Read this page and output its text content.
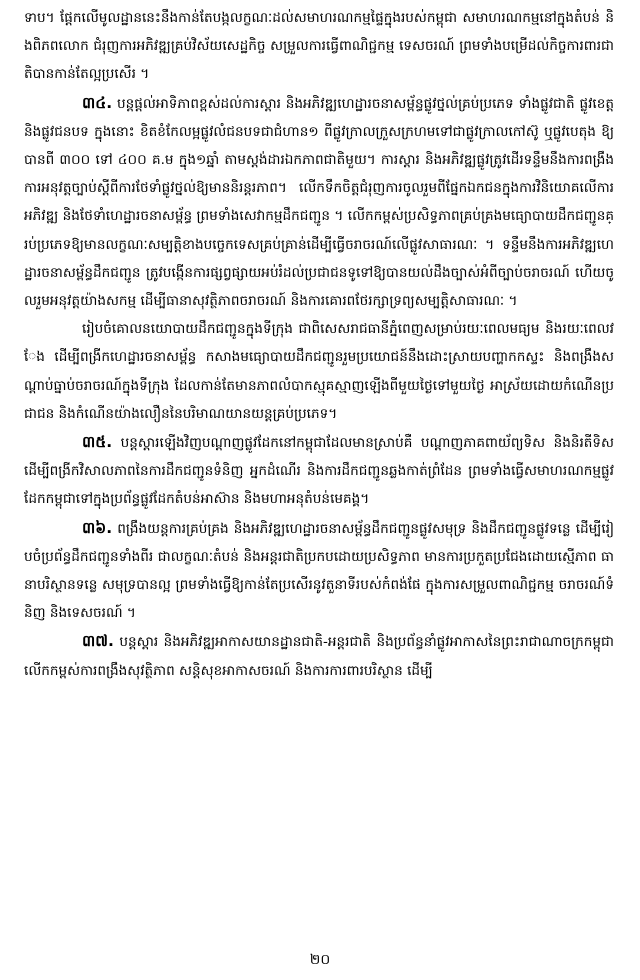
ទាប។ ផ្តែកលើមូលដ្ឋាននេះនឹងកាន់តែបង្កលក្ខណៈដល់សមាហរណកម្មផ្ទៃក្នុងរបស់កម្ពុជា សមាហរណកម្មនៅក្នុងតំបន់ និងពិភពលោក ជំរុញការអភិវឌ្ឍគ្រប់វិស័យសេដ្ឋកិច្ច សម្រួលការធ្វើពាណិជ្ជកម្ម ទេសចរណ៍ ព្រមទាំងបម្រើដល់កិច្ចការពារជាតិបានកាន់តែល្អប្រសើរ ។

៣៤. បន្តផ្តល់អាទិភាពខ្ពស់ដល់ការស្តារ និងអភិវឌ្ឍហេដ្ឋារចនាសម្ព័ន្ធផ្លូវថ្នល់គ្រប់ប្រភេទ ទាំងផ្លូវជាតិ ផ្លូវខេត្ត និងផ្លូវជនបទ ក្នុងនោះ ខិតខំកែលម្អផ្លូវលំជនបទជាជំហាន១ ពីផ្លូវក្រាលក្រួសក្រហមទៅជាផ្លូវក្រាលកៅស៊ូ ឬផ្លូវបេតុង ឱ្យបានពី ៣០០ ទៅ ៤០០ គ.ម ក្នុង១ឆ្នាំ តាមស្តង់ដារឯកភាពជាតិមួយ។ ការស្តារ និងអភិវឌ្ឍផ្លូវត្រូវដើរទន្ទឹមនឹងការពង្រឹងការអនុវត្តច្បាប់ស្តីពីការថែទាំផ្លូវថ្នល់ឱ្យមាននិរន្តរភាព។ លើកទឹកចិត្តជំរុញការចូលរួមពីផ្នែកឯកជនក្នុងការវិនិយោគលើការអភិវឌ្ឍ និងថែទាំហេដ្ឋារចនាសម្ព័ន្ធ ព្រមទាំងសេវាកម្មដឹកជញ្ជូន ។ លើកកម្ពស់ប្រសិទ្ធភាពគ្រប់គ្រងមធ្យោបាយដឹកជញ្ជូនគ្រប់ប្រភេទឱ្យមានលក្ខណៈសម្បត្តិខាងបច្ចេកទេសគ្រប់គ្រាន់ដើម្បីធ្វើចរាចរណ៍លើផ្លូវសាធារណៈ ។ ទន្ទឹមនឹងការអភិវឌ្ឍហេដ្ឋារចនាសម្ព័ន្ធដឹកជញ្ជូន ត្រូវបង្កើនការផ្សព្វផ្សាយអប់រំដល់ប្រជាជនទូទៅឱ្យបានយល់ដឹងច្បាស់អំពីច្បាប់ចរាចរណ៍ ហើយចូលរួមអនុវត្តយ៉ាងសកម្ម ដើម្បីធានាសុវត្ថិភាពចរាចរណ៍ និងការគោរពថែរក្សាទ្រព្យសម្បត្តិសាធារណៈ ។

រៀបចំគោលនយោបាយដឹកជញ្ជូនក្នុងទីក្រុង ជាពិសេសរាជធានីភ្នំពេញសម្រាប់រយៈពេលមធ្យម និងរយៈពេលវែង ដើម្បីពង្រីកហេដ្ឋារចនាសម្ព័ន្ធ កសាងមធ្យោបាយដឹកជញ្ជូនរួមប្រយោជន៍នឹងដោះស្រាយបញ្ហាកកស្ទះ និងពង្រឹងសណ្តាប់ធ្នាប់ចរាចរណ៍ក្នុងទីក្រុង ដែលកាន់តែមានភាពលំបាកស្មុគស្មាញឡើងពីមួយថ្ងៃទៅមួយថ្ងៃ អាស្រ័យដោយកំណើនប្រជាជន និងកំណើនយ៉ាងលឿននៃបរិមាណយានយន្តគ្រប់ប្រភេទ។

៣៥. បន្តស្តារឡើងវិញបណ្តាញផ្លូវដែកនៅកម្ពុជាដែលមានស្រាប់គឺ បណ្តាញភាគពាយ័ព្យទិស និងនិរតីទិស ដើម្បីពង្រីកវិសាលភាពនៃការដឹកជញ្ជូនទំនិញ អ្នកដំណើរ និងការដឹកជញ្ជូនឆ្លងកាត់ព្រំដែន ព្រមទាំងធ្វើសមាហរណកម្មផ្លូវដែកកម្ពុជាទៅក្នុងប្រព័ន្ធផ្លូវដែកតំបន់អាស៊ាន និងមហាអនុតំបន់មេគង្គ។

៣៦. ពង្រឹងយន្តការគ្រប់គ្រង និងអភិវឌ្ឍហេដ្ឋារចនាសម្ព័ន្ធដឹកជញ្ជូនផ្លូវសមុទ្រ និងដឹកជញ្ជូនផ្លូវទន្លេ ដើម្បីរៀបចំប្រព័ន្ធដឹកជញ្ជូនទាំងពីរ ជាលក្ខណៈតំបន់ និងអន្តរជាតិប្រកបដោយប្រសិទ្ធភាព មានការប្រកួតប្រជែងដោយស្មើភាព ធានាបរិស្ថានទន្លេ សមុទ្របានល្អ ព្រមទាំងធ្វើឱ្យកាន់តែប្រសើរនូវតួនាទីរបស់កំពង់ផែ ក្នុងការសម្រួលពាណិជ្ជកម្ម ចរាចរណ៍ទំនិញ និងទេសចរណ៍ ។

៣៧. បន្តស្តារ និងអភិវឌ្ឍអាកាសយានដ្ឋានជាតិ-អន្តរជាតិ និងប្រព័ន្ធនាំផ្លូវអាកាសនៃព្រះរាជាណាចក្រកម្ពុជា លើកកម្ពស់ការពង្រឹងសុវត្ថិភាព សន្តិសុខអាកាសចរណ៍ និងការការពារបរិស្ថាន ដើម្បី

២០
